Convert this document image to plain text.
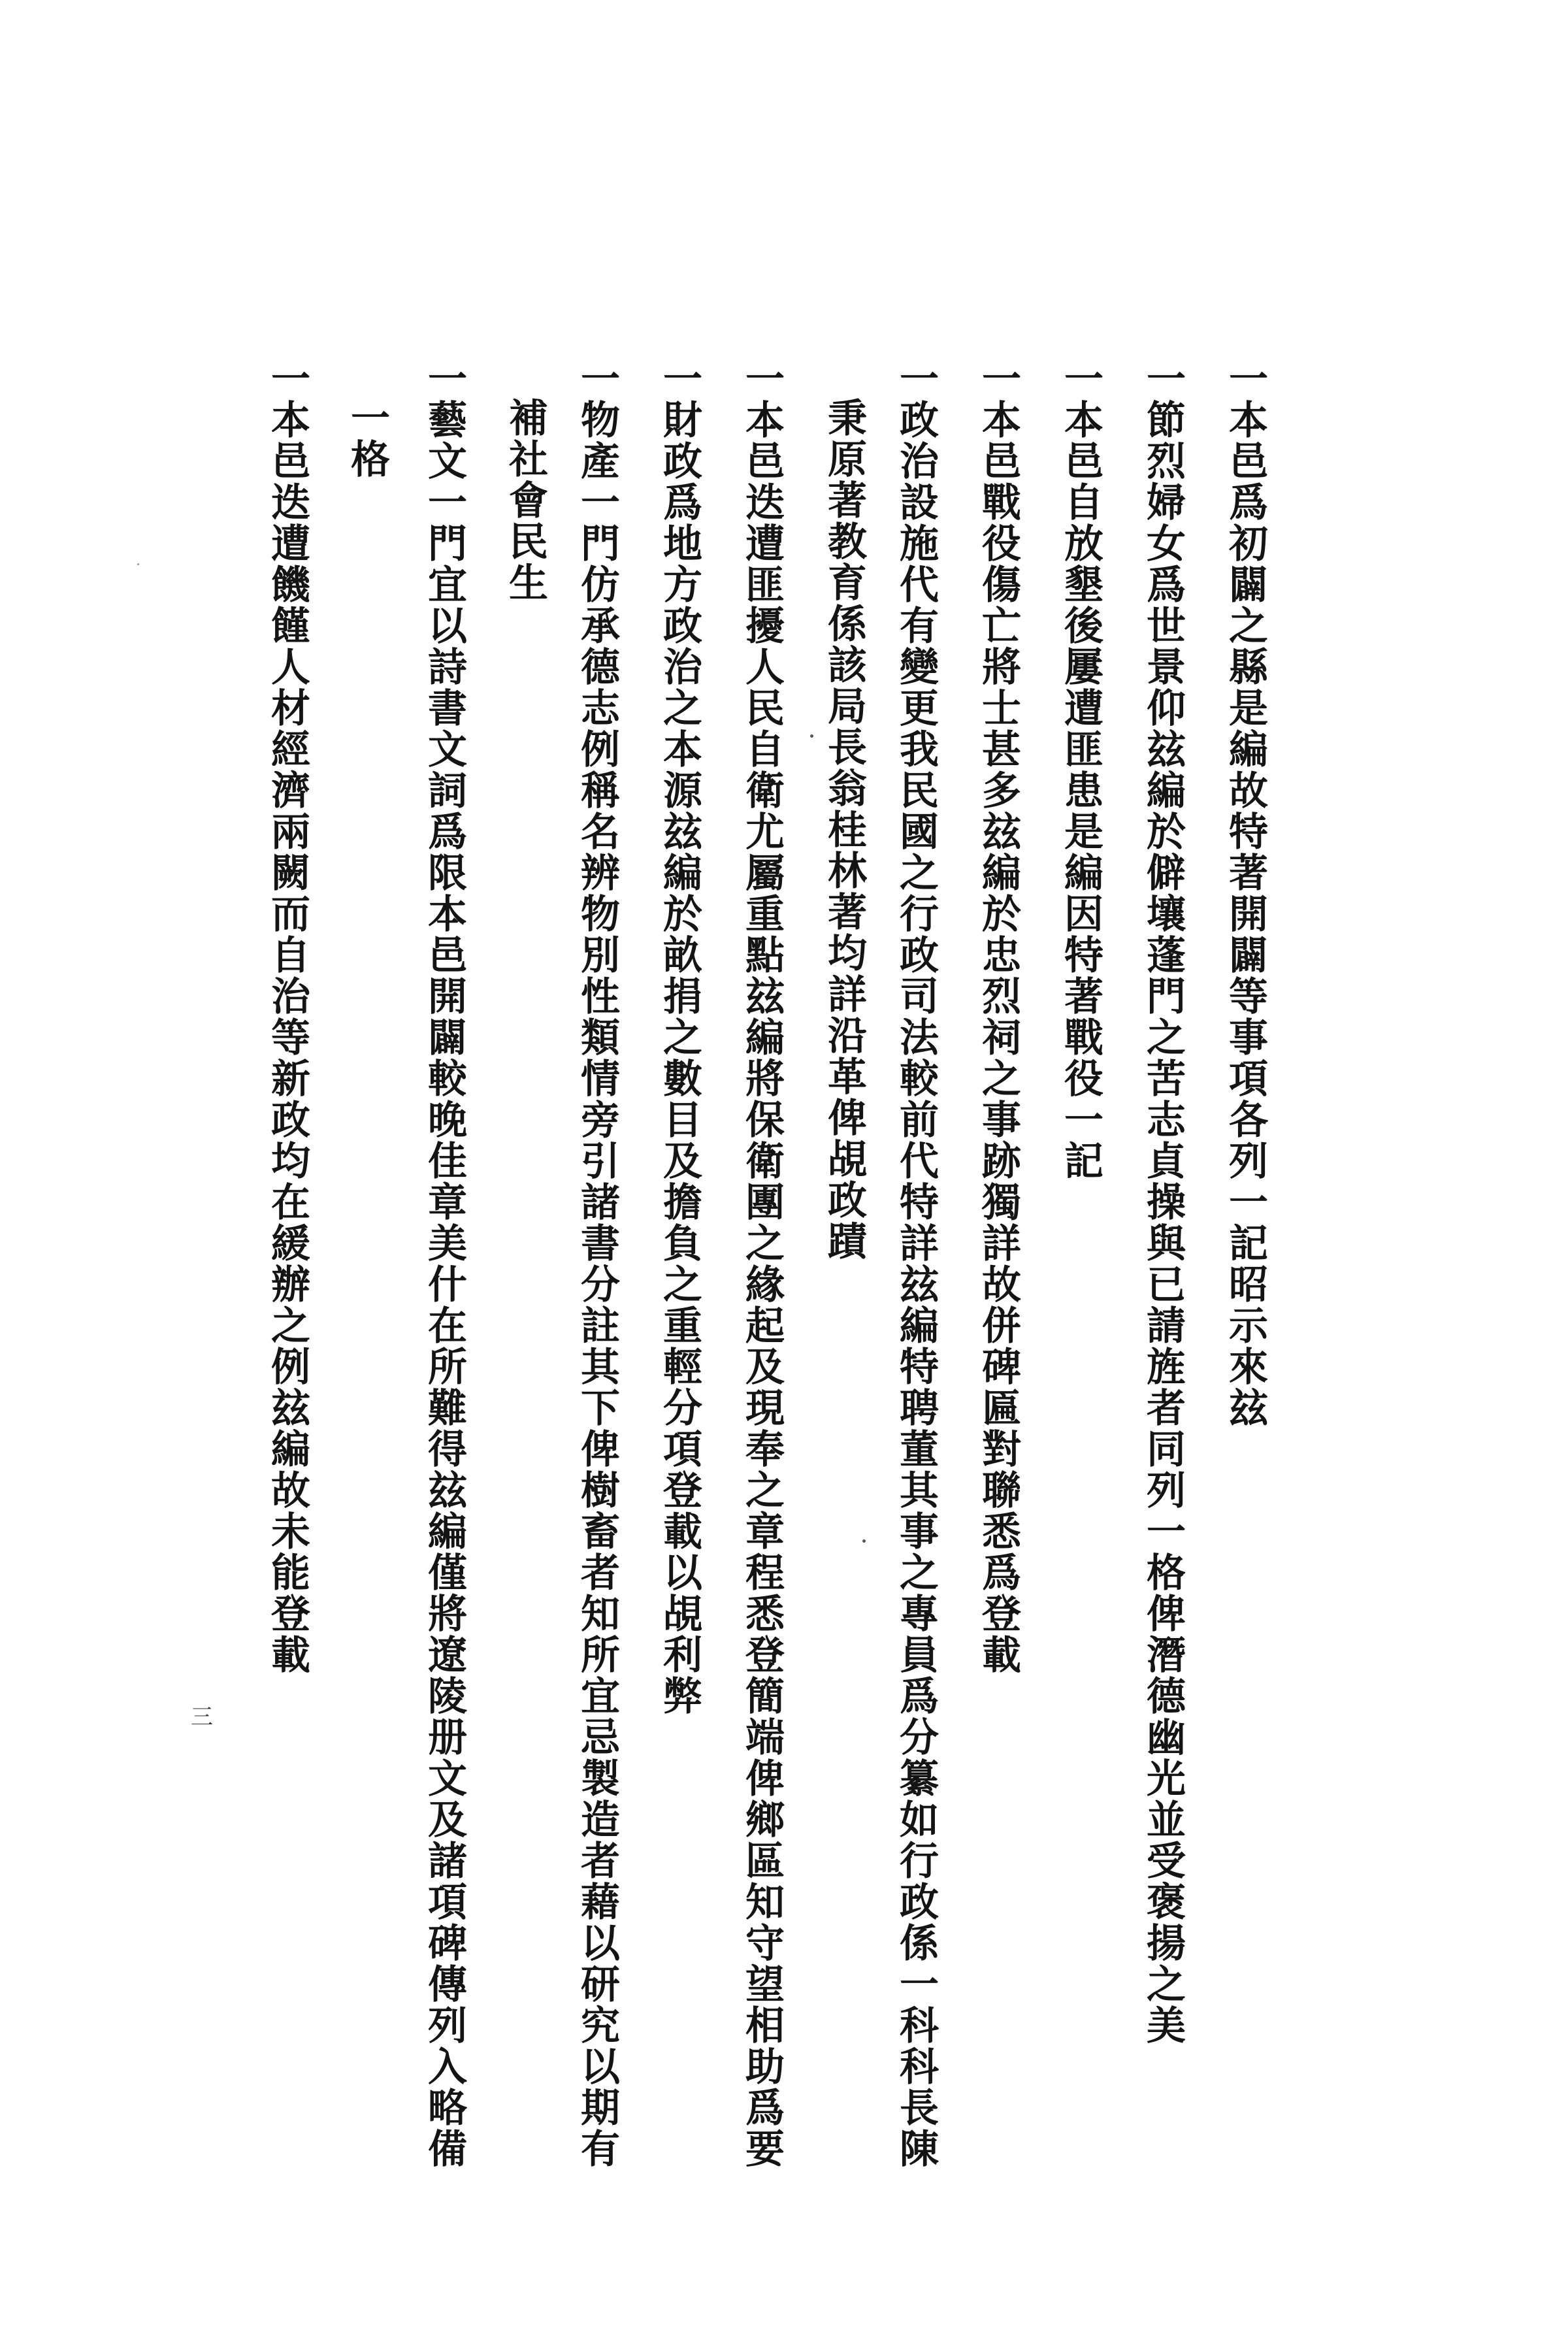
一本邑爲初闢之縣是編故特著開闢等事項各列一記昭示來玆
一節烈婦女爲世景仰玆編於僻壤蓬門之苦志貞操與已請旌者同列一格俾潛德幽光並受褒揚之美
一本邑自放墾後屢遭匪患是編因特著戰役一記
一本邑戰役傷亡將士甚多玆編於忠烈祠之事跡獨詳故併碑匾對聯悉爲登載
一政治設施代有變更我民國之行政司法較前代特詳玆編特聘董其事之專員爲分纂如行政係一科科長陳
秉原著教育係該局長翁桂林著均詳沿革俾覘政蹟
一本邑迭遭匪擾人民自衛尤屬重點玆編將保衛團之緣起及現奉之章程悉登簡端俾鄉區知守望相助爲要
一財政爲地方政治之本源玆編於畝捐之數目及擔負之重輕分項登載以覘利弊
一物產一門仿承德志例稱名辨物別性類情旁引諸書分註其下俾樹畜者知所宜忌製造者藉以研究以期有
補社會民生
一藝文一門宜以詩書文詞爲限本邑開闢較晚佳章美什在所難得玆編僅將遼陵册文及諸項碑傳列入略備
一格
一本邑迭遭饑饉人材經濟兩闕而自治等新政均在緩辦之例玆編故未能登載
三
